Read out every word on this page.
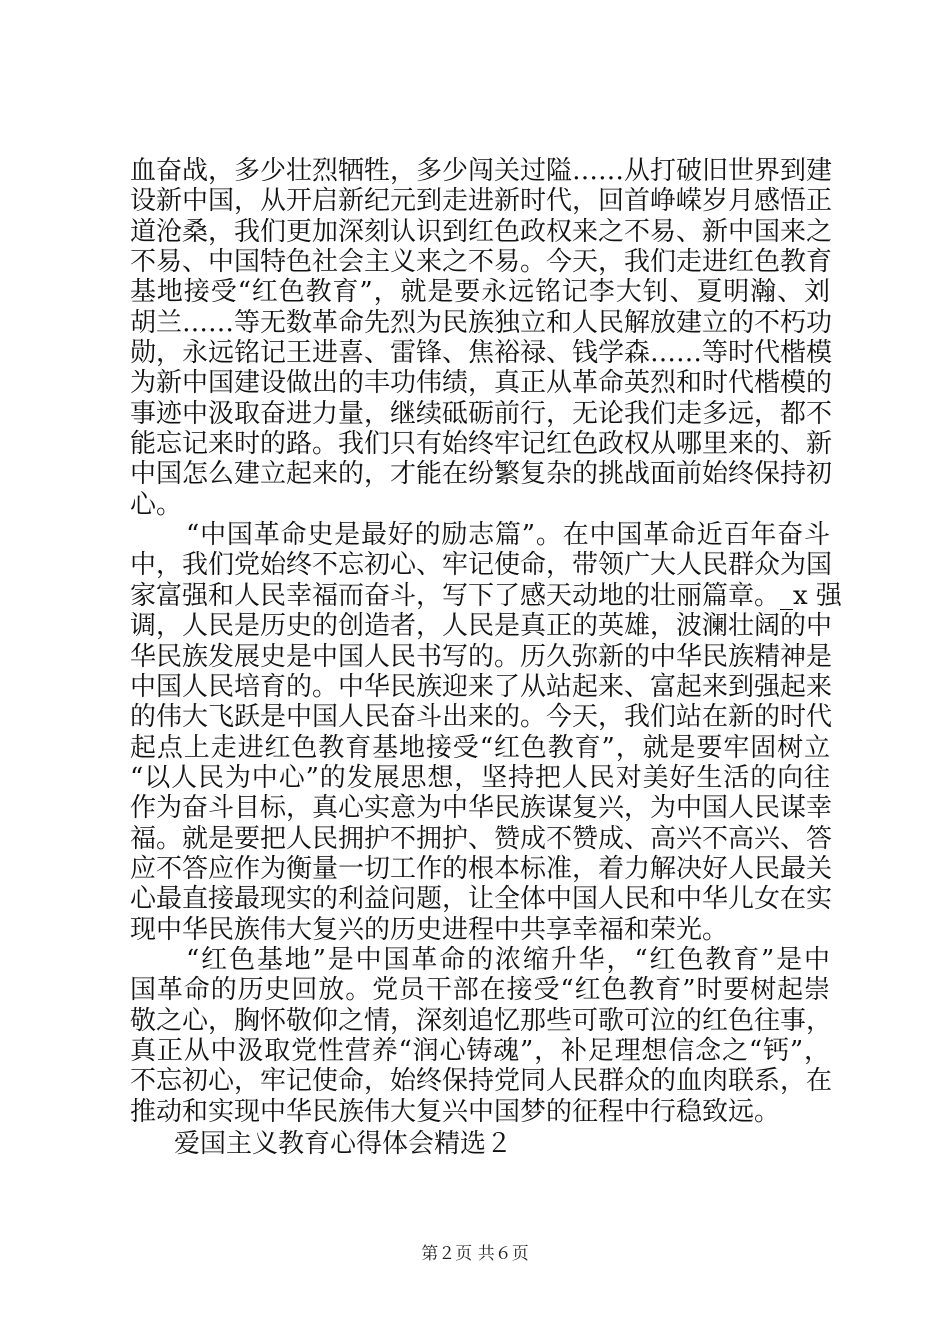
血奋战，多少壮烈牺牲，多少闯关过隘……从打破旧世界到建
设新中国，从开启新纪元到走进新时代，回首峥嵘岁月感悟正
道沧桑，我们更加深刻认识到红色政权来之不易、新中国来之
不易、中国特色社会主义来之不易。今天，我们走进红色教育
基地接受“红色教育”，就是要永远铭记李大钊、夏明瀚、刘
胡兰……等无数革命先烈为民族独立和人民解放建立的不朽功
勋，永远铭记王进喜、雷锋、焦裕禄、钱学森……等时代楷模
为新中国建设做出的丰功伟绩，真正从革命英烈和时代楷模的
事迹中汲取奋进力量，继续砥砺前行，无论我们走多远，都不
能忘记来时的路。我们只有始终牢记红色政权从哪里来的、新
中国怎么建立起来的，才能在纷繁复杂的挑战面前始终保持初
心。
“中国革命史是最好的励志篇”。在中国革命近百年奋斗
中，我们党始终不忘初心、牢记使命，带领广大人民群众为国
家富强和人民幸福而奋斗，写下了感天动地的壮丽篇章。_x 强
调，人民是历史的创造者，人民是真正的英雄，波澜壮阔的中
华民族发展史是中国人民书写的。历久弥新的中华民族精神是
中国人民培育的。中华民族迎来了从站起来、富起来到强起来
的伟大飞跃是中国人民奋斗出来的。今天，我们站在新的时代
起点上走进红色教育基地接受“红色教育”，就是要牢固树立
“以人民为中心”的发展思想，坚持把人民对美好生活的向往
作为奋斗目标，真心实意为中华民族谋复兴，为中国人民谋幸
福。就是要把人民拥护不拥护、赞成不赞成、高兴不高兴、答
应不答应作为衡量一切工作的根本标准，着力解决好人民最关
心最直接最现实的利益问题，让全体中国人民和中华儿女在实
现中华民族伟大复兴的历史进程中共享幸福和荣光。
“红色基地”是中国革命的浓缩升华，“红色教育”是中
国革命的历史回放。党员干部在接受“红色教育”时要树起崇
敬之心，胸怀敬仰之情，深刻追忆那些可歌可泣的红色往事，
真正从中汲取党性营养“润心铸魂”，补足理想信念之“钙”，
不忘初心，牢记使命，始终保持党同人民群众的血肉联系，在
推动和实现中华民族伟大复兴中国梦的征程中行稳致远。
爱国主义教育心得体会精选２
第２页 共６页
